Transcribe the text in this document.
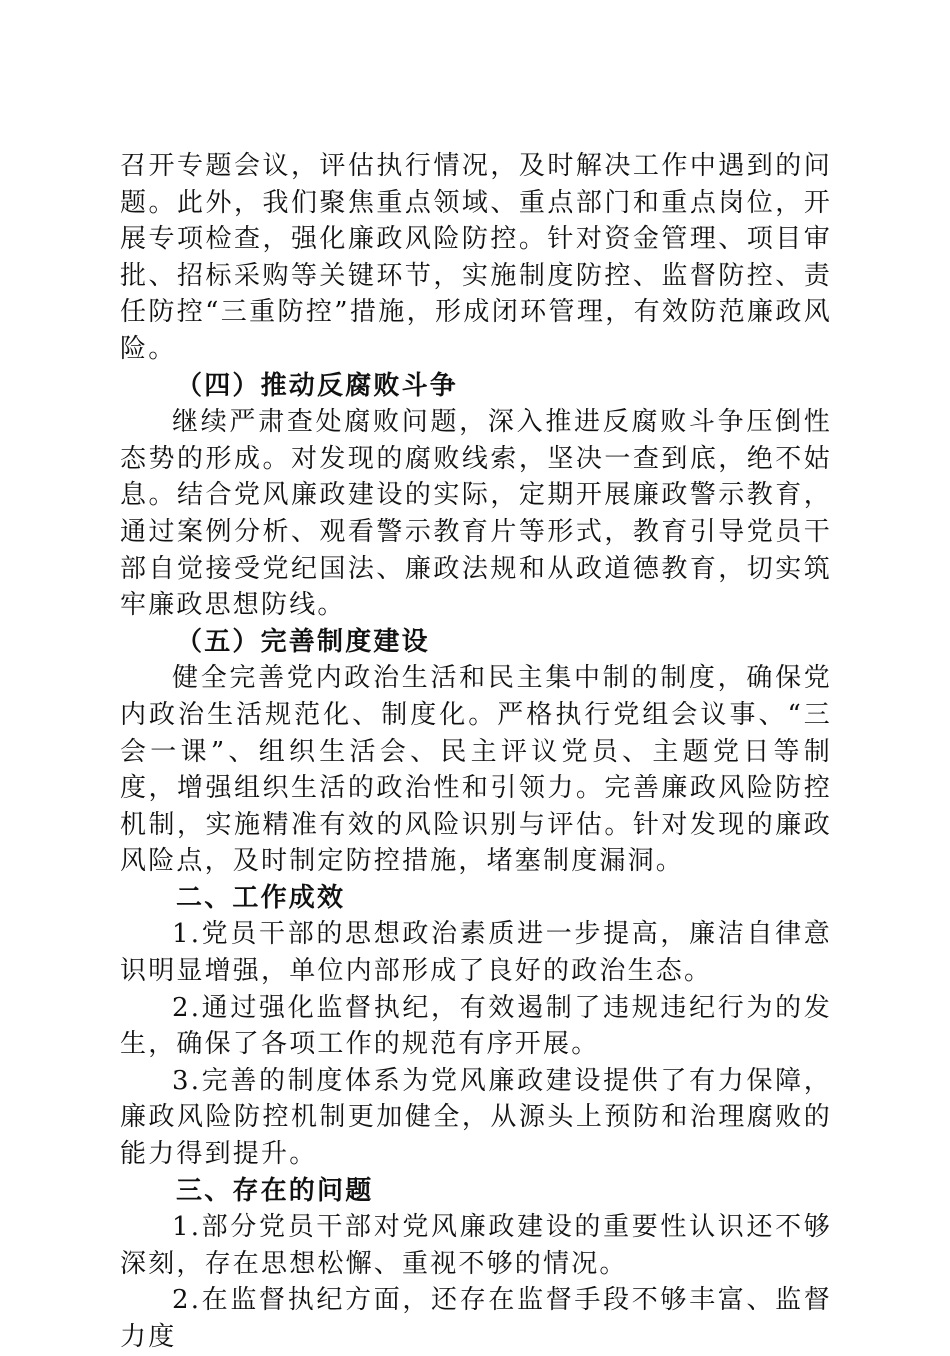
召开专题会议，评估执行情况，及时解决工作中遇到的问题。此外，我们聚焦重点领域、重点部门和重点岗位，开展专项检查，强化廉政风险防控。针对资金管理、项目审批、招标采购等关键环节，实施制度防控、监督防控、责任防控“三重防控”措施，形成闭环管理，有效防范廉政风险。

（四）推动反腐败斗争

继续严肃查处腐败问题，深入推进反腐败斗争压倒性态势的形成。对发现的腐败线索，坚决一查到底，绝不姑息。结合党风廉政建设的实际，定期开展廉政警示教育，通过案例分析、观看警示教育片等形式，教育引导党员干部自觉接受党纪国法、廉政法规和从政道德教育，切实筑牢廉政思想防线。

（五）完善制度建设

健全完善党内政治生活和民主集中制的制度，确保党内政治生活规范化、制度化。严格执行党组会议事、“三会一课”、组织生活会、民主评议党员、主题党日等制度，增强组织生活的政治性和引领力。完善廉政风险防控机制，实施精准有效的风险识别与评估。针对发现的廉政风险点，及时制定防控措施，堵塞制度漏洞。

二、工作成效

1.党员干部的思想政治素质进一步提高，廉洁自律意识明显增强，单位内部形成了良好的政治生态。

2.通过强化监督执纪，有效遏制了违规违纪行为的发生，确保了各项工作的规范有序开展。

3.完善的制度体系为党风廉政建设提供了有力保障，廉政风险防控机制更加健全，从源头上预防和治理腐败的能力得到提升。

三、存在的问题

1.部分党员干部对党风廉政建设的重要性认识还不够深刻，存在思想松懈、重视不够的情况。

2.在监督执纪方面，还存在监督手段不够丰富、监督力度
